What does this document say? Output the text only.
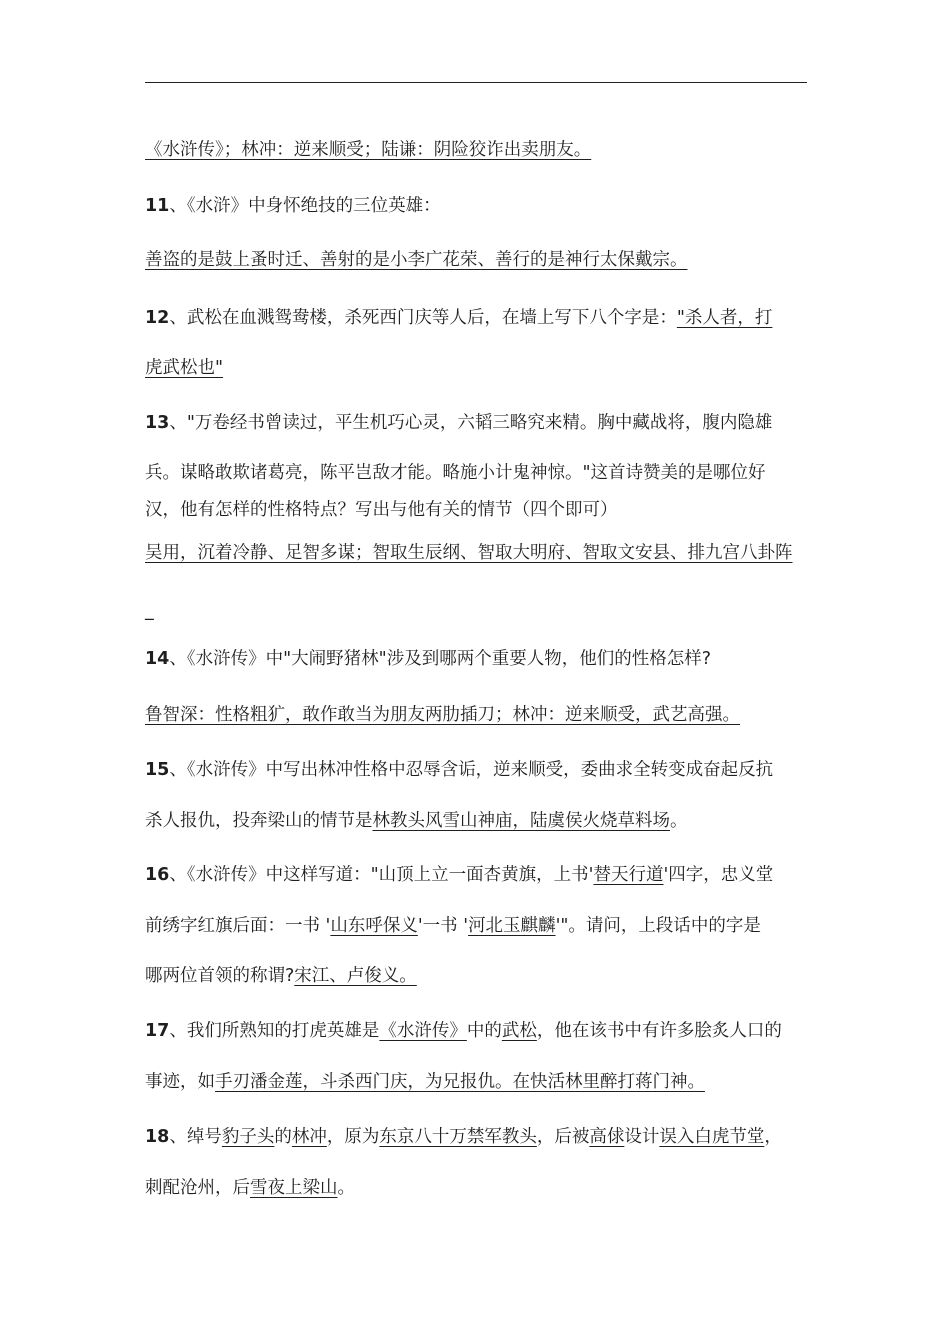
《水浒传》；林冲：逆来顺受；陆谦：阴险狡诈出卖朋友。
11、《水浒》中身怀绝技的三位英雄：
善盗的是鼓上蚤时迁、善射的是小李广花荣、善行的是神行太保戴宗。
12、武松在血溅鸳鸯楼，杀死西门庆等人后，在墙上写下八个字是："杀人者，打
虎武松也"
13、"万卷经书曾读过，平生机巧心灵，六韬三略究来精。胸中藏战将，腹内隐雄
兵。谋略敢欺诸葛亮，陈平岂敌才能。略施小计鬼神惊。"这首诗赞美的是哪位好
汉，他有怎样的性格特点？写出与他有关的情节（四个即可）
吴用，沉着冷静、足智多谋；智取生辰纲、智取大明府、智取文安县、排九宫八卦阵
_
14、《水浒传》中"大闹野猪林"涉及到哪两个重要人物，他们的性格怎样?
鲁智深：性格粗犷，敢作敢当为朋友两肋插刀；林冲：逆来顺受，武艺高强。
15、《水浒传》中写出林冲性格中忍辱含诟，逆来顺受，委曲求全转变成奋起反抗
杀人报仇，投奔梁山的情节是林教头风雪山神庙，陆虞侯火烧草料场。
16、《水浒传》中这样写道："山顶上立一面杏黄旗，上书'替天行道'四字，忠义堂
前绣字红旗后面：一书 '山东呼保义'一书 '河北玉麒麟'"。请问，上段话中的字是
哪两位首领的称谓?宋江、卢俊义。
17、我们所熟知的打虎英雄是《水浒传》中的武松，他在该书中有许多脍炙人口的
事迹，如手刃潘金莲，斗杀西门庆，为兄报仇。在快活林里醉打蒋门神。
18、绰号豹子头的林冲，原为东京八十万禁军教头，后被高俅设计误入白虎节堂，
刺配沧州，后雪夜上梁山。
